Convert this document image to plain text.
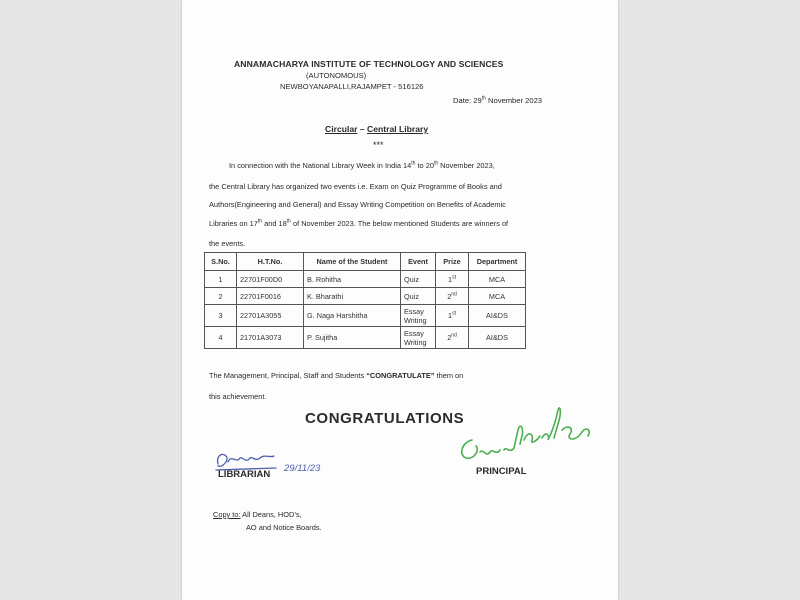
ANNAMACHARYA INSTITUTE OF TECHNOLOGY AND SCIENCES
(AUTONOMOUS)
NEWBOYANAPALLI,RAJAMPET - 516126
Date: 29th November 2023
Circular – Central Library
***
In connection with the National Library Week in India 14th to 20th November 2023,
the Central Library has organized two events i.e. Exam on Quiz Programme of Books and
Authors(Engineering and General) and Essay Writing Competition on Benefits of Academic
Libraries on 17th and 18th of November 2023. The below mentioned Students are winners of
the events.
S.No.	H.T.No.	Name of the Student	Event	Prize	Department
1	22701F00D0	B. Rohitha	Quiz	1st	MCA
2	22701F0016	K. Bharathi	Quiz	2nd	MCA
3	22701A3055	G. Naga Harshitha	Essay
Writing	1st	AI&DS
4	21701A3073	P. Sujitha	Essay
Writing	2nd	AI&DS
The Management, Principal, Staff and Students “CONGRATULATE” them on
this achievement.
CONGRATULATIONS
29/11/23
LIBRARIAN	PRINCIPAL
Copy to: All Deans, HOD’s,
AO and Notice Boards.
